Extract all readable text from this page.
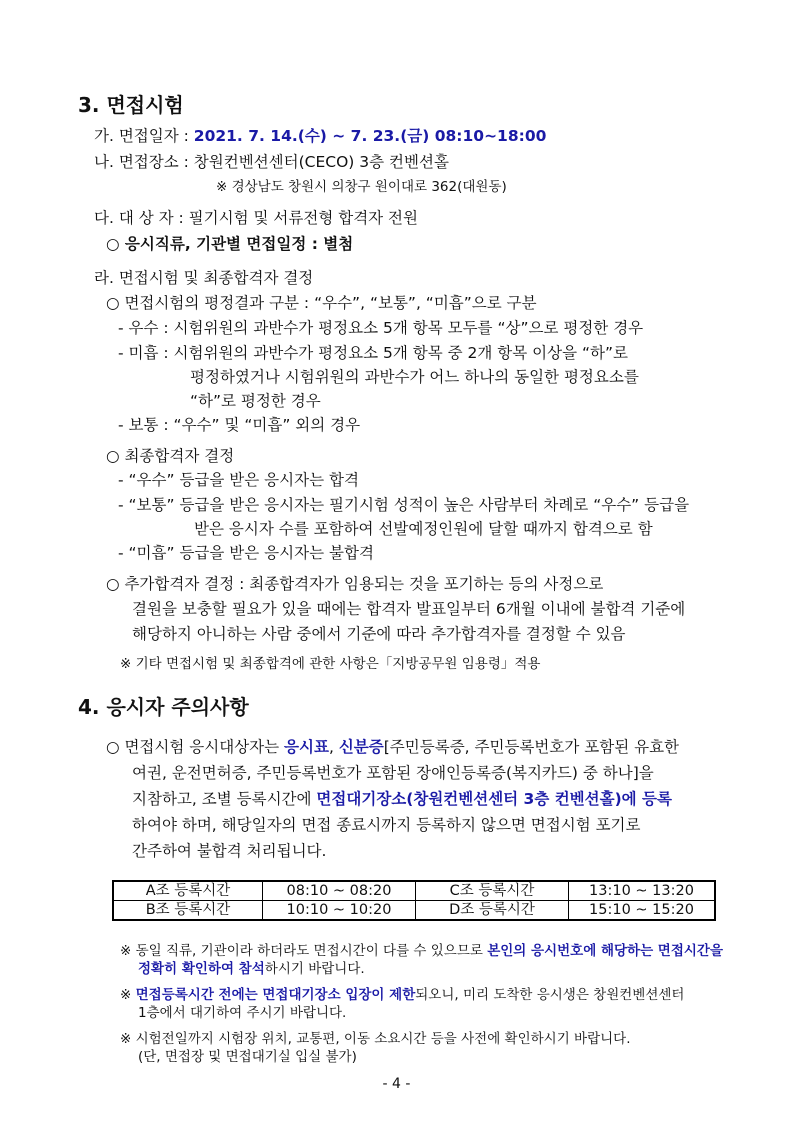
3. 면접시험
가. 면접일자 : 2021. 7. 14.(수) ~ 7. 23.(금) 08:10~18:00
나. 면접장소 : 창원컨벤션센터(CECO) 3층 컨벤션홀
※ 경상남도 창원시 의창구 원이대로 362(대원동)
다. 대 상 자 : 필기시험 및 서류전형 합격자 전원
○ 응시직류, 기관별 면접일정 : 별첨
라. 면접시험 및 최종합격자 결정
○ 면접시험의 평정결과 구분 : “우수”, “보통”, “미흡”으로 구분
- 우수 : 시험위원의 과반수가 평정요소 5개 항목 모두를 “상”으로 평정한 경우
- 미흡 : 시험위원의 과반수가 평정요소 5개 항목 중 2개 항목 이상을 “하”로
평정하였거나 시험위원의 과반수가 어느 하나의 동일한 평정요소를
“하”로 평정한 경우
- 보통 : “우수” 및 “미흡” 외의 경우
○ 최종합격자 결정
- “우수” 등급을 받은 응시자는 합격
- “보통” 등급을 받은 응시자는 필기시험 성적이 높은 사람부터 차례로 “우수” 등급을
받은 응시자 수를 포함하여 선발예정인원에 달할 때까지 합격으로 함
- “미흡” 등급을 받은 응시자는 불합격
○ 추가합격자 결정 : 최종합격자가 임용되는 것을 포기하는 등의 사정으로
결원을 보충할 필요가 있을 때에는 합격자 발표일부터 6개월 이내에 불합격 기준에
해당하지 아니하는 사람 중에서 기준에 따라 추가합격자를 결정할 수 있음
※ 기타 면접시험 및 최종합격에 관한 사항은「지방공무원 임용령」적용
4. 응시자 주의사항
○ 면접시험 응시대상자는 응시표, 신분증[주민등록증, 주민등록번호가 포함된 유효한
여권, 운전면허증, 주민등록번호가 포함된 장애인등록증(복지카드) 중 하나]을
지참하고, 조별 등록시간에 면접대기장소(창원컨벤션센터 3층 컨벤션홀)에 등록
하여야 하며, 해당일자의 면접 종료시까지 등록하지 않으면 면접시험 포기로
간주하여 불합격 처리됩니다.
A조 등록시간	08:10 ~ 08:20	C조 등록시간	13:10 ~ 13:20
B조 등록시간	10:10 ~ 10:20	D조 등록시간	15:10 ~ 15:20
※ 동일 직류, 기관이라 하더라도 면접시간이 다를 수 있으므로 본인의 응시번호에 해당하는 면접시간을
정확히 확인하여 참석하시기 바랍니다.
※ 면접등록시간 전에는 면접대기장소 입장이 제한되오니, 미리 도착한 응시생은 창원컨벤션센터
1층에서 대기하여 주시기 바랍니다.
※ 시험전일까지 시험장 위치, 교통편, 이동 소요시간 등을 사전에 확인하시기 바랍니다.
(단, 면접장 및 면접대기실 입실 불가)
- 4 -
